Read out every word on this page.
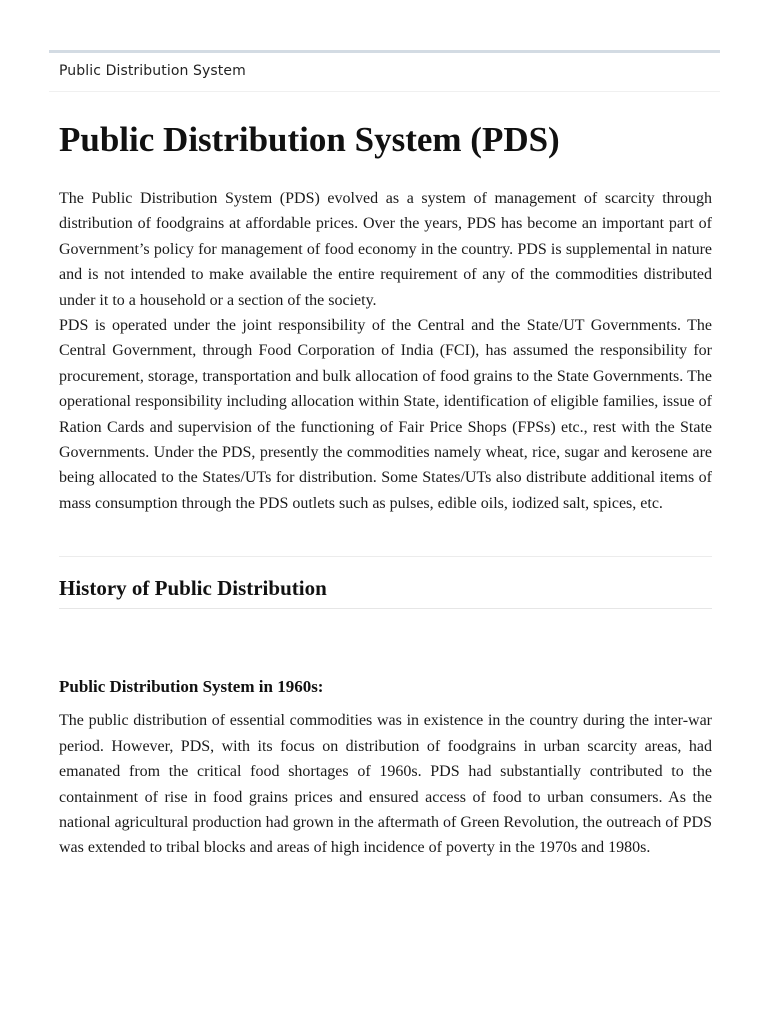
Public Distribution System
Public Distribution System (PDS)

The Public Distribution System (PDS) evolved as a system of management of scarcity through distribution of foodgrains at affordable prices. Over the years, PDS has become an important part of Government’s policy for management of food economy in the country. PDS is supplemental in nature and is not intended to make available the entire requirement of any of the commodities distributed under it to a household or a section of the society.

PDS is operated under the joint responsibility of the Central and the State/UT Governments. The Central Government, through Food Corporation of India (FCI), has assumed the responsibility for procurement, storage, transportation and bulk allocation of food grains to the State Governments. The operational responsibility including allocation within State, identification of eligible families, issue of Ration Cards and supervision of the functioning of Fair Price Shops (FPSs) etc., rest with the State Governments. Under the PDS, presently the commodities namely wheat, rice, sugar and kerosene are being allocated to the States/UTs for distribution. Some States/UTs also distribute additional items of mass consumption through the PDS outlets such as pulses, edible oils, iodized salt, spices, etc.

History of Public Distribution
Public Distribution System in 1960s:

The public distribution of essential commodities was in existence in the country during the inter-war period. However, PDS, with its focus on distribution of foodgrains in urban scarcity areas, had emanated from the critical food shortages of 1960s. PDS had substantially contributed to the containment of rise in food grains prices and ensured access of food to urban consumers. As the national agricultural production had grown in the aftermath of Green Revolution, the outreach of PDS was extended to tribal blocks and areas of high incidence of poverty in the 1970s and 1980s.
